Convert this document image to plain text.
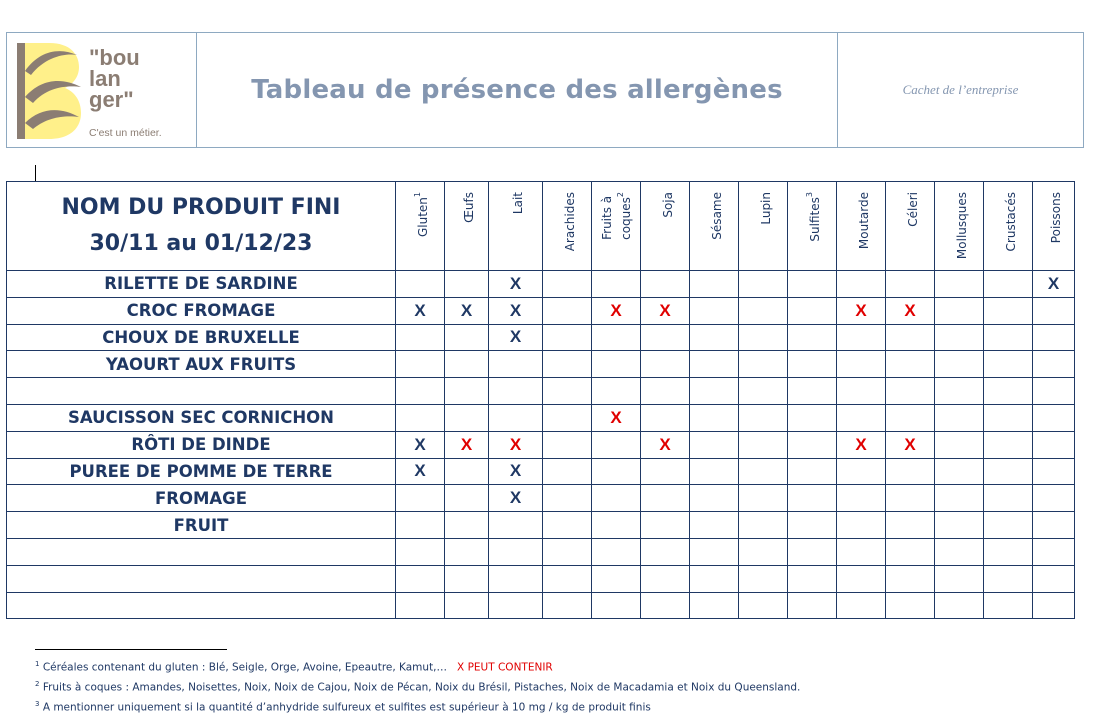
"bou
lan
ger"
C'est un métier.
Tableau de présence des allergènes	Cachet de l’entreprise
NOM DU PRODUIT FINI
30/11 au 01/12/23	Gluten$^1$	Œufs	Lait	Arachides	Fruits à coques$^2$	Soja	Sésame	Lupin	Sulfites$^3$	Moutarde	Céleri	Mollusques	Crustacés	Poissons

RILETTE DE SARDINE			X											X
CROC FROMAGE	X	X	X		X	X				X	X			
CHOUX DE BRUXELLE			X											
YAOURT AUX FRUITS														

SAUCISSON SEC CORNICHON					X									
RÔTI DE DINDE	X	X	X			X				X	X			
PUREE DE POMME DE TERRE	X		X											
FROMAGE			X											
FRUIT														

$^1$ Céréales contenant du gluten : Blé, Seigle, Orge, Avoine, Epeautre, Kamut,… X PEUT CONTENIR
$^2$ Fruits à coques : Amandes, Noisettes, Noix, Noix de Cajou, Noix de Pécan, Noix du Brésil, Pistaches, Noix de Macadamia et Noix du Queensland.
$^3$ A mentionner uniquement si la quantité d’anhydride sulfureux et sulfites est supérieur à 10 mg / kg de produit finis
